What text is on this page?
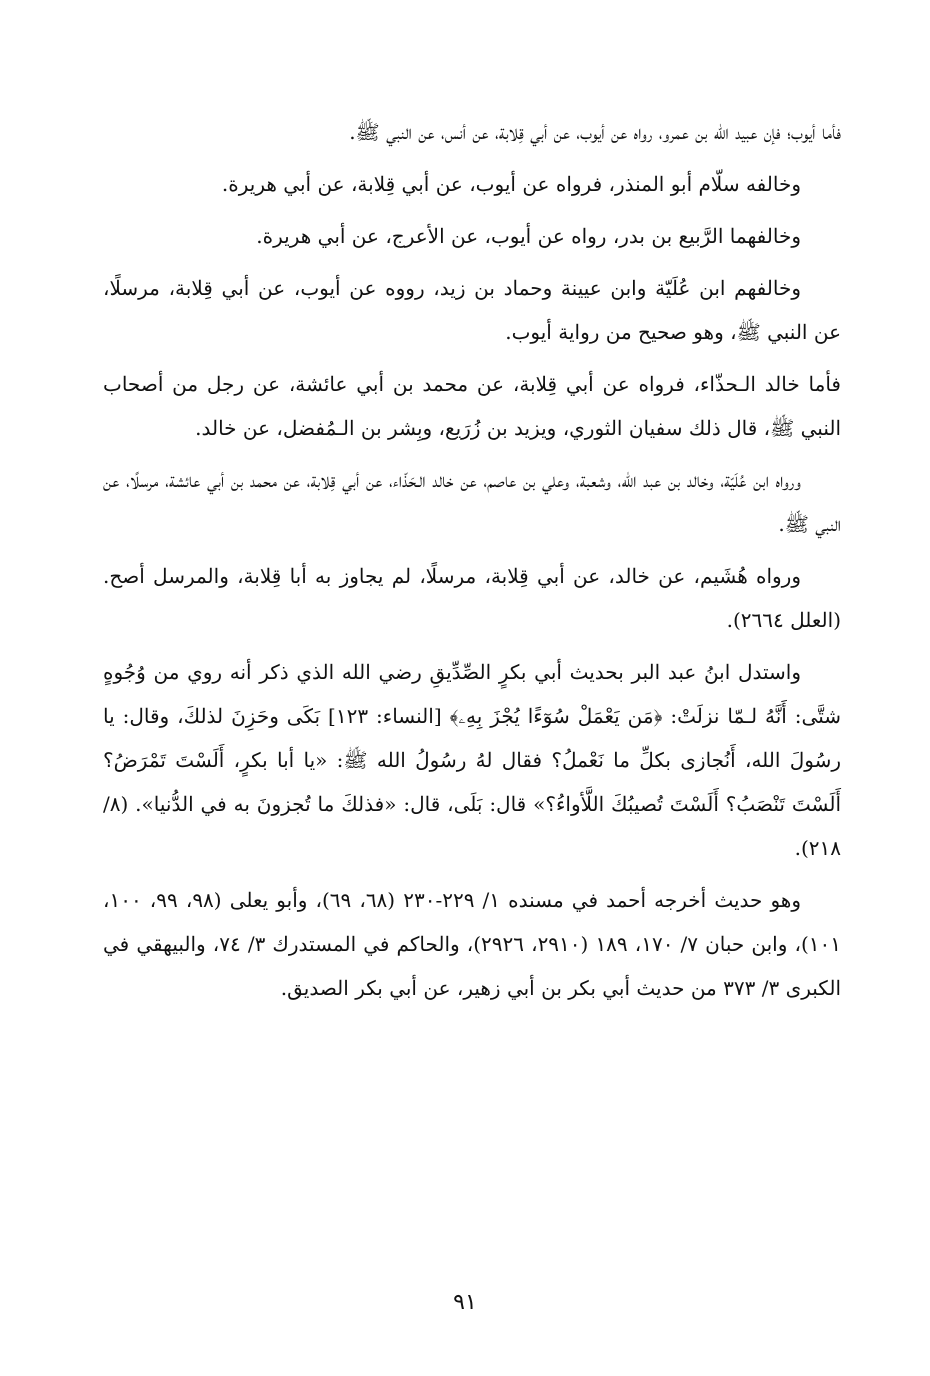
فأما أيوب؛ فإن عبيد الله بن عمرو، رواه عن أيوب، عن أبي قِلابة، عن أنس، عن النبي ﷺ.

وخالفه سلّام أبو المنذر، فرواه عن أيوب، عن أبي قِلابة، عن أبي هريرة.

وخالفهما الرَّبيع بن بدر، رواه عن أيوب، عن الأعرج، عن أبي هريرة.

وخالفهم ابن عُلَيّة وابن عيينة وحماد بن زيد، رووه عن أيوب، عن أبي قِلابة، مرسلًا، عن النبي ﷺ، وهو صحيح من رواية أيوب.

فأما خالد الـحذّاء، فرواه عن أبي قِلابة، عن محمد بن أبي عائشة، عن رجل من أصحاب النبي ﷺ، قال ذلك سفيان الثوري، ويزيد بن زُرَيع، وبِشر بن الـمُفضل، عن خالد.

ورواه ابن عُلَيّة، وخالد بن عبد الله، وشعبة، وعلي بن عاصم، عن خالد الـحَذّاء، عن أبي قِلابة، عن محمد بن أبي عائشة، مرسلًا، عن النبي ﷺ.

ورواه هُشَيم، عن خالد، عن أبي قِلابة، مرسلًا، لم يجاوز به أبا قِلابة، والمرسل أصح. (العلل ٢٦٦٤).

واستدل ابنُ عبد البر بحديث أبي بكرٍ الصِّدِّيقِ رضي الله الذي ذكر أنه روي من وُجُوهٍ شتَّى: أَنَّهُ لـمّا نزلَتْ: ﴿مَن يَعْمَلْ سُوٓءًا يُجْزَ بِهِۦ﴾ [النساء: ١٢٣] بَكَى وحَزِنَ لذلكَ، وقال: يا رسُولَ الله، أَنُجازى بكلِّ ما نَعْملُ؟ فقال لهُ رسُولُ الله ﷺ: «يا أبا بكرٍ، أَلَسْتَ تَمْرَضُ؟ أَلَسْتَ تَنْصَبُ؟ أَلَسْتَ تُصيبُكَ اللَّأواءُ؟» قال: بَلَى، قال: «فذلكَ ما تُجزونَ به في الدُّنيا». (٨/ ٢١٨).

وهو حديث أخرجه أحمد في مسنده ١/ ٢٢٩-٢٣٠ (٦٨، ٦٩)، وأبو يعلى (٩٨، ٩٩، ١٠٠، ١٠١)، وابن حبان ٧/ ١٧٠، ١٨٩ (٢٩١٠، ٢٩٢٦)، والحاكم في المستدرك ٣/ ٧٤، والبيهقي في الكبرى ٣/ ٣٧٣ من حديث أبي بكر بن أبي زهير، عن أبي بكر الصديق.

٩١
